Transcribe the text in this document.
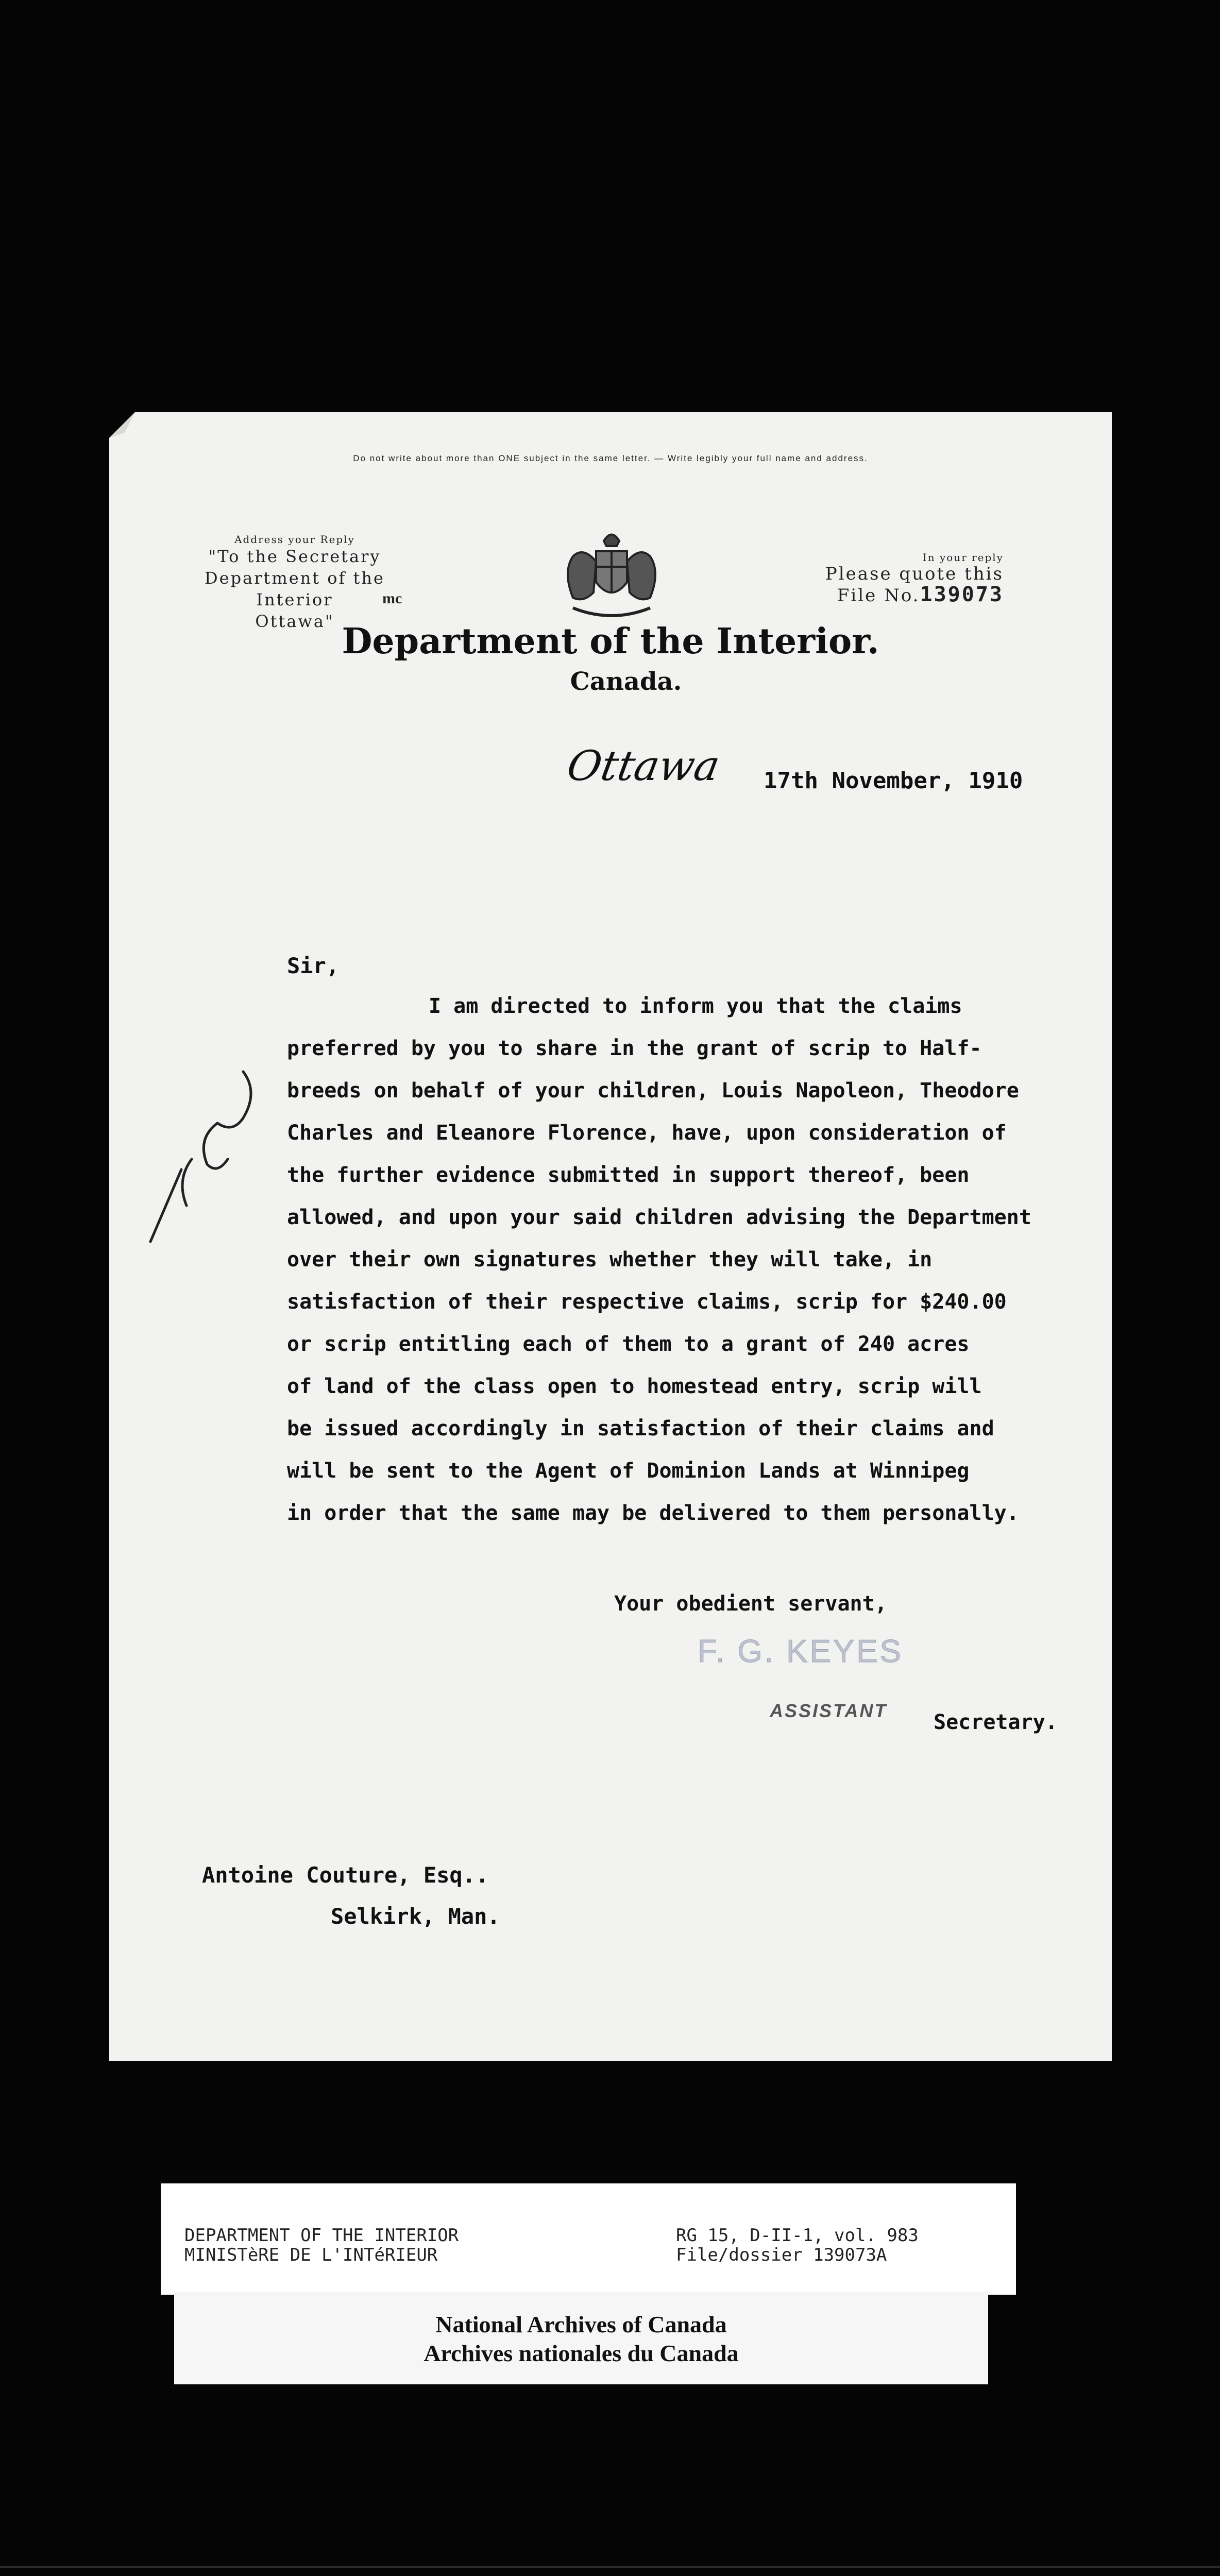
Do not write about more than ONE subject in the same letter. — Write legibly your full name and address.
Address your Reply
"To the Secretary
Department of the Interior
Ottawa"
mc
In your reply
Please quote this
File No.139073
Department of the Interior.
Canada.
Ottawa 17th November, 1910
Sir,
I am directed to inform you that the claims
preferred by you to share in the grant of scrip to Half-
breeds on behalf of your children, Louis Napoleon, Theodore
Charles and Eleanore Florence, have, upon consideration of
the further evidence submitted in support thereof, been
allowed, and upon your said children advising the Department
over their own signatures whether they will take, in
satisfaction of their respective claims, scrip for $240.00
or scrip entitling each of them to a grant of 240 acres
of land of the class open to homestead entry, scrip will
be issued accordingly in satisfaction of their claims and
will be sent to the Agent of Dominion Lands at Winnipeg
in order that the same may be delivered to them personally.
Your obedient servant,
F. G. KEYES
ASSISTANT Secretary.
Antoine Couture, Esq..
Selkirk, Man.
DEPARTMENT OF THE INTERIOR
MINISTèRE DE L'INTéRIEUR
RG 15, D-II-1, vol. 983
File/dossier 139073A
National Archives of Canada
Archives nationales du Canada
